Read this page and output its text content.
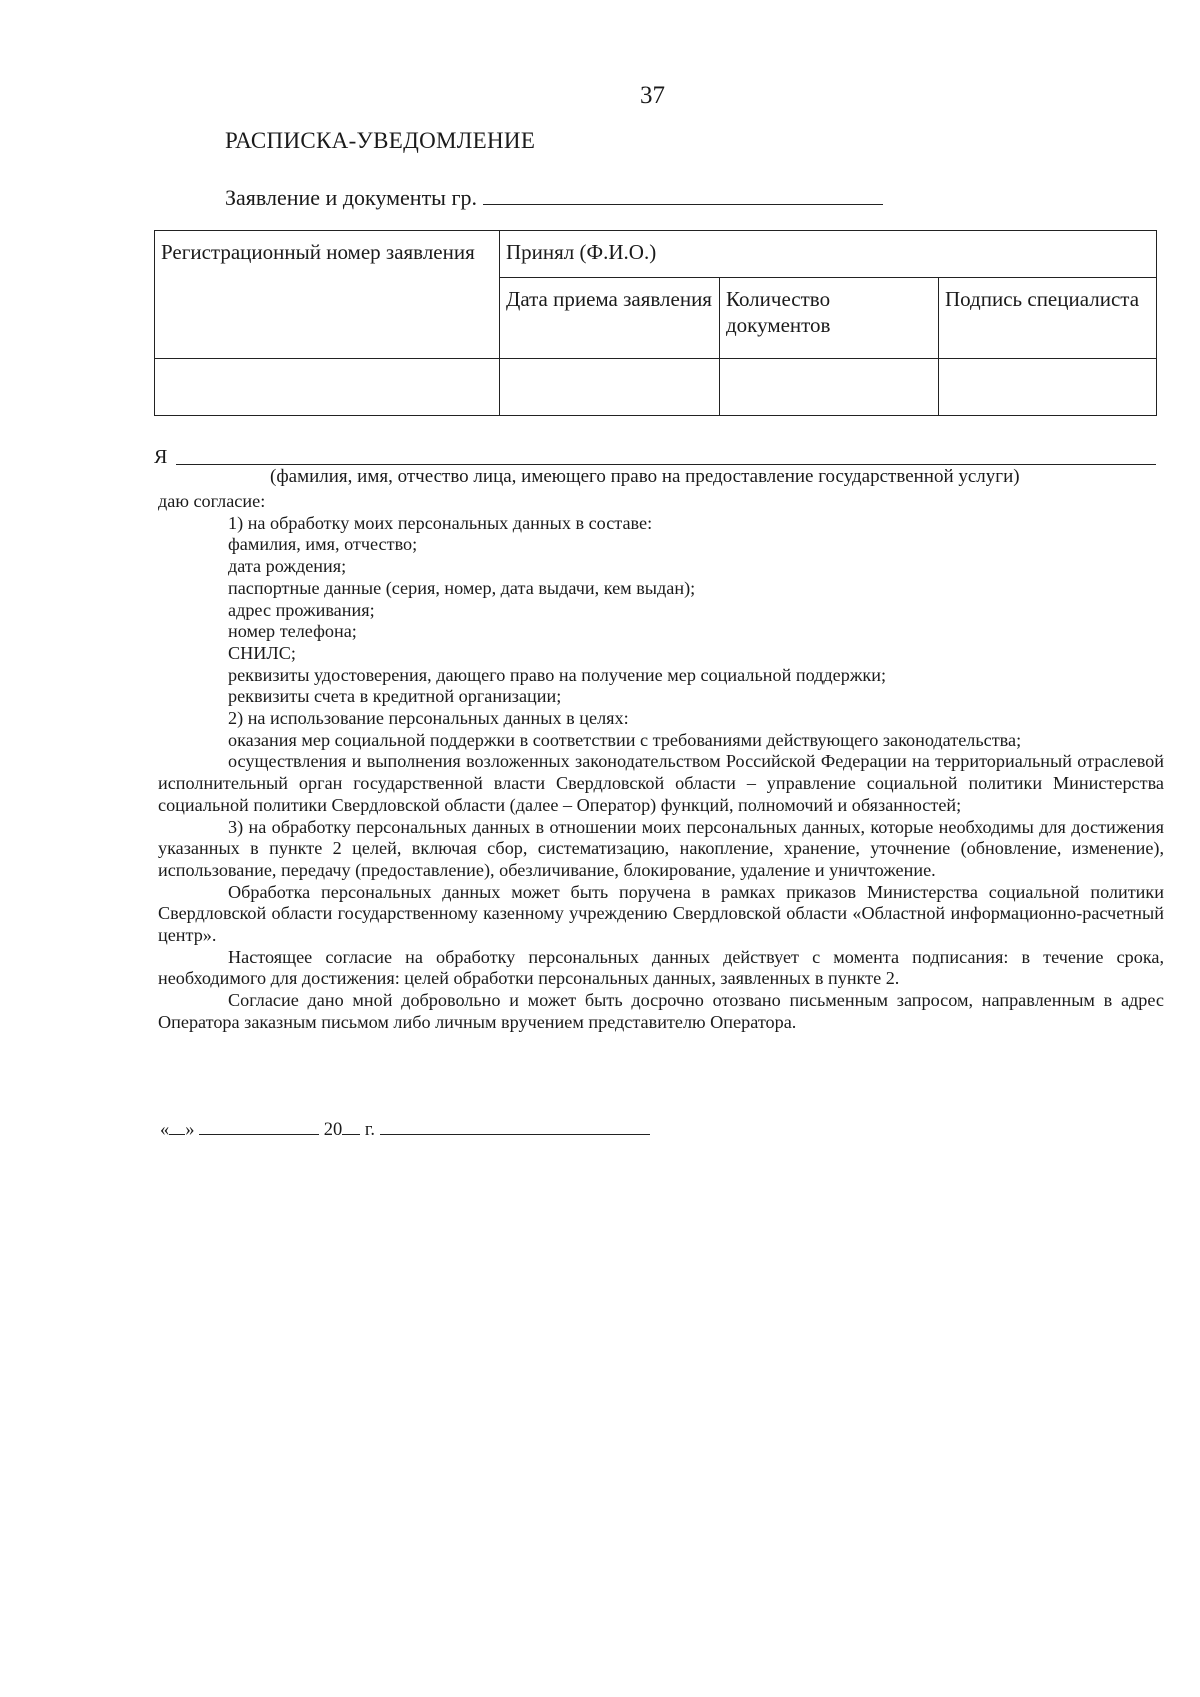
37
РАСПИСКА-УВЕДОМЛЕНИЕ
Заявление и документы гр.
Регистрационный номер заявления	Принял (Ф.И.О.)		
	Дата приема заявления	Количество документов	Подпись специалиста

Я
(фамилия, имя, отчество лица, имеющего право на предоставление государственной услуги)

даю согласие:

1) на обработку моих персональных данных в составе:

фамилия, имя, отчество;

дата рождения;

паспортные данные (серия, номер, дата выдачи, кем выдан);

адрес проживания;

номер телефона;

СНИЛС;

реквизиты удостоверения, дающего право на получение мер социальной поддержки;

реквизиты счета в кредитной организации;

2) на использование персональных данных в целях:

оказания мер социальной поддержки в соответствии с требованиями действующего законодательства;

осуществления и выполнения возложенных законодательством Российской Федерации на территориальный отраслевой исполнительный орган государственной власти Свердловской области – управление социальной политики Министерства социальной политики Свердловской области (далее – Оператор) функций, полномочий и обязанностей;

3) на обработку персональных данных в отношении моих персональных данных, которые необходимы для достижения указанных в пункте 2 целей, включая сбор, систематизацию, накопление, хранение, уточнение (обновление, изменение), использование, передачу (предоставление), обезличивание, блокирование, удаление и уничтожение.

Обработка персональных данных может быть поручена в рамках приказов Министерства социальной политики Свердловской области государственному казенному учреждению Свердловской области «Областной информационно-расчетный центр».

Настоящее согласие на обработку персональных данных действует с момента подписания: в течение срока, необходимого для достижения: целей обработки персональных данных, заявленных в пункте 2.

Согласие дано мной добровольно и может быть досрочно отозвано письменным запросом, направленным в адрес Оператора заказным письмом либо личным вручением представителю Оператора.

« »	20 г.
